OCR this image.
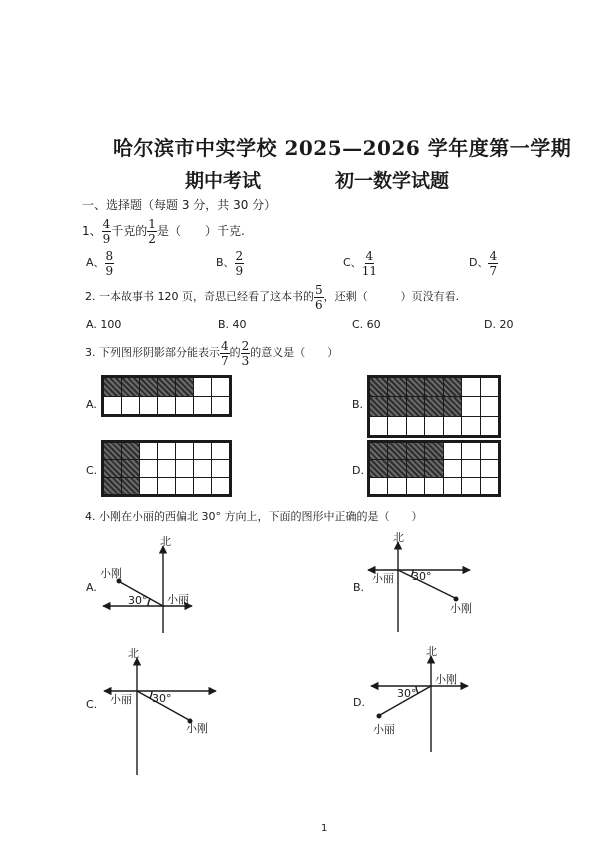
哈尔滨市中实学校 2025—2026 学年度第一学期
期中考试	初一数学试题
一、选择题（每题 3 分，共 30 分）
1、 $\frac{4}{9}$ 千克的 $\frac{1}{2}$ 是（　　）千克.
A、 $\frac{8}{9}$	B、 $\frac{2}{9}$	C、 $\frac{4}{11}$	D、 $\frac{4}{7}$
2. 一本故事书 120 页，奇思已经看了这本书的 $\frac{5}{6}$ ，还剩（　　　）页没有看.
A. 100	B. 40	C. 60	D. 20
3. 下列图形阴影部分能表示 $\frac{4}{7}$ 的 $\frac{2}{3}$ 的意义是（　　）
A.

							B.

C.

							D.

4. 小刚在小丽的西偏北 30° 方向上，下面的图形中正确的是（　　）
北
小刚
30° 小丽
A.
北
小丽 30°
小刚
B.
北
小丽 30°
小刚
C.
北
小刚
30°
小丽
D.
1
